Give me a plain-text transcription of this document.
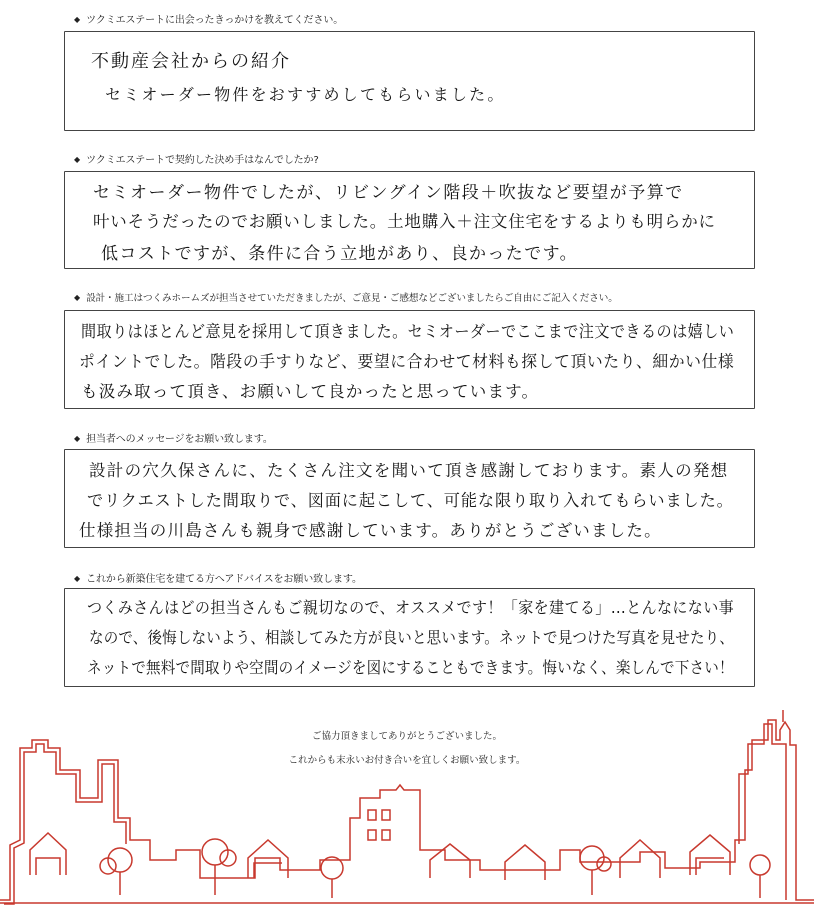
◆ ツクミエステートに出会ったきっかけを教えてください。
不動産会社からの紹介
セミオーダー物件をおすすめしてもらいました。
◆ ツクミエステートで契約した決め手はなんでしたか?
セミオーダー物件でしたが、リビングイン階段＋吹抜など要望が予算で
叶いそうだったのでお願いしました。土地購入＋注文住宅をするよりも明らかに
低コストですが、条件に合う立地があり、良かったです。
◆ 設計・施工はつくみホームズが担当させていただきましたが、ご意見・ご感想などございましたらご自由にご記入ください。
間取りはほとんど意見を採用して頂きました。セミオーダーでここまで注文できるのは嬉しい
ポイントでした。階段の手すりなど、要望に合わせて材料も探して頂いたり、細かい仕様
も汲み取って頂き、お願いして良かったと思っています。
◆ 担当者へのメッセージをお願い致します。
設計の穴久保さんに、たくさん注文を聞いて頂き感謝しております。素人の発想
でリクエストした間取りで、図面に起こして、可能な限り取り入れてもらいました。
仕様担当の川島さんも親身で感謝しています。ありがとうございました。
◆ これから新築住宅を建てる方へアドバイスをお願い致します。
つくみさんはどの担当さんもご親切なので、オススメです！「家を建てる」…とんなにない事
なので、後悔しないよう、相談してみた方が良いと思います。ネットで見つけた写真を見せたり、
ネットで無料で間取りや空間のイメージを図にすることもできます。悔いなく、楽しんで下さい！
ご協力頂きましてありがとうございました。
これからも末永いお付き合いを宜しくお願い致します。
